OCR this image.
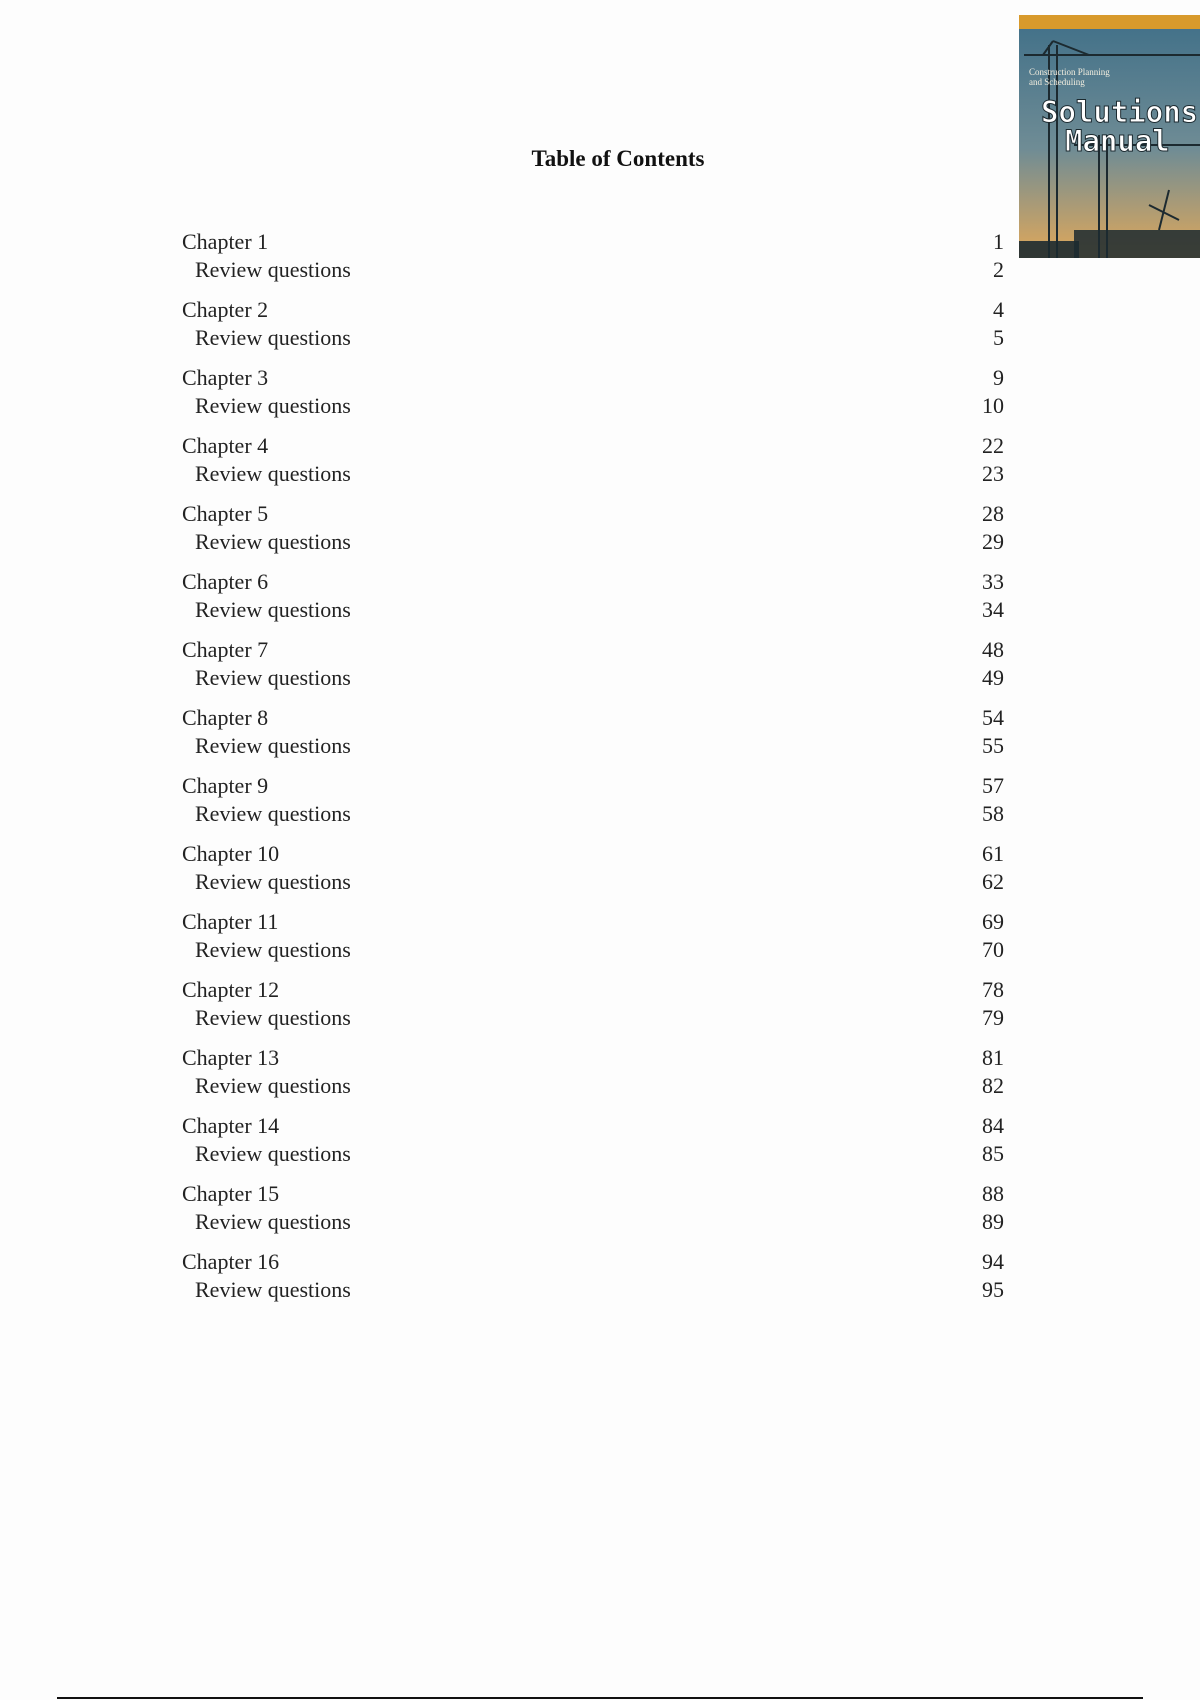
Table of Contents
Chapter 1	1
Review questions	2
Chapter 2	4
Review questions	5
Chapter 3	9
Review questions	10
Chapter 4	22
Review questions	23
Chapter 5	28
Review questions	29
Chapter 6	33
Review questions	34
Chapter 7	48
Review questions	49
Chapter 8	54
Review questions	55
Chapter 9	57
Review questions	58
Chapter 10	61
Review questions	62
Chapter 11	69
Review questions	70
Chapter 12	78
Review questions	79
Chapter 13	81
Review questions	82
Chapter 14	84
Review questions	85
Chapter 15	88
Review questions	89
Chapter 16	94
Review questions	95
Construction Planning
and Scheduling
Solutions
Manual
